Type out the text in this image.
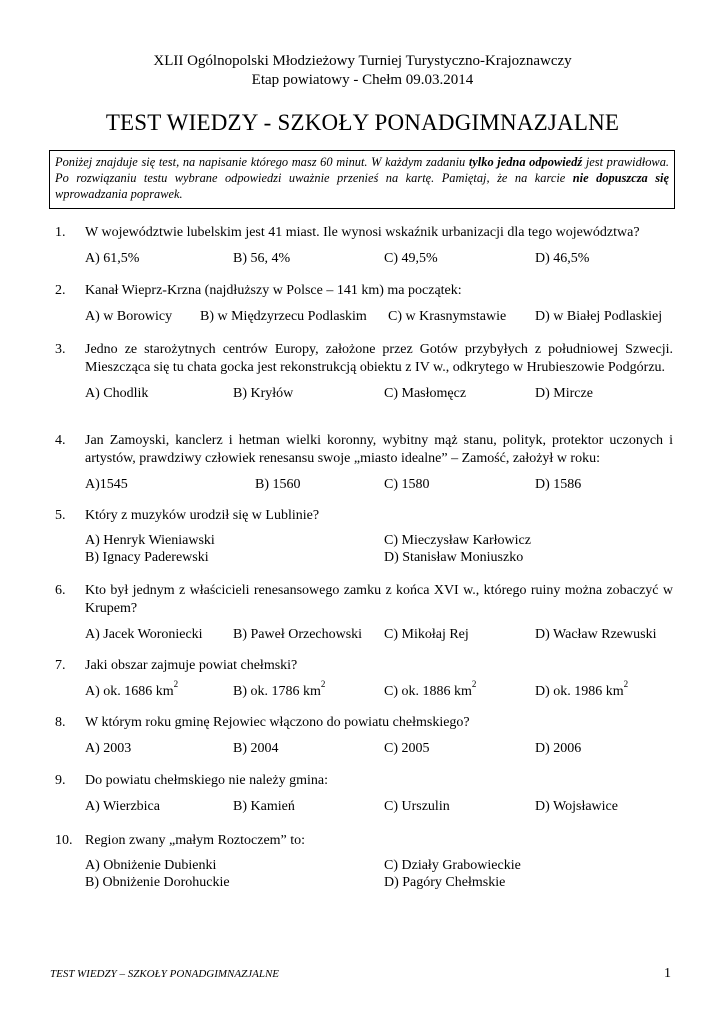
XLII Ogólnopolski Młodzieżowy Turniej Turystyczno-Krajoznawczy
Etap powiatowy - Chełm 09.03.2014
TEST WIEDZY - SZKOŁY PONADGIMNAZJALNE
Poniżej znajduje się test, na napisanie którego masz 60 minut. W każdym zadaniu tylko jedna odpowiedź jest prawidłowa. Po rozwiązaniu testu wybrane odpowiedzi uważnie przenieś na kartę. Pamiętaj, że na karcie nie dopuszcza się wprowadzania poprawek.
1.	W województwie lubelskim jest 41 miast. Ile wynosi wskaźnik urbanizacji dla tego województwa?
A) 61,5%	B) 56, 4%	C) 49,5%	D) 46,5%
2.	Kanał Wieprz-Krzna (najdłuższy w Polsce – 141 km) ma początek:
A) w Borowicy B) w Międzyrzecu Podlaskim C) w Krasnymstawie D) w Białej Podlaskiej
3.	Jedno ze starożytnych centrów Europy, założone przez Gotów przybyłych z południowej Szwecji. Mieszcząca się tu chata gocka jest rekonstrukcją obiektu z IV w., odkrytego w Hrubieszowie Podgórzu.
A) Chodlik	B) Kryłów	C) Masłomęcz	D) Mircze
4.	Jan Zamoyski, kanclerz i hetman wielki koronny, wybitny mąż stanu, polityk, protektor uczonych i artystów, prawdziwy człowiek renesansu swoje „miasto idealne” – Zamość, założył w roku:
A)1545	B) 1560	C) 1580	D) 1586
5.	Który z muzyków urodził się w Lublinie?
A) Henryk Wieniawski
B) Ignacy Paderewski
C) Mieczysław Karłowicz
D) Stanisław Moniuszko
6.	Kto był jednym z właścicieli renesansowego zamku z końca XVI w., którego ruiny można zobaczyć w Krupem?
A) Jacek Woroniecki B) Paweł Orzechowski C) Mikołaj Rej	D) Wacław Rzewuski
7.	Jaki obszar zajmuje powiat chełmski?
A) ok. 1686 $km^2$	B) ok. 1786 $km^2$	C) ok. 1886 $km^2$	D) ok. 1986 $km^2$
8.	W którym roku gminę Rejowiec włączono do powiatu chełmskiego?
A) 2003	B) 2004	C) 2005	D) 2006
9.	Do powiatu chełmskiego nie należy gmina:
A) Wierzbica	B) Kamień	C) Urszulin	D) Wojsławice
10. Region zwany „małym Roztoczem” to:
A) Obniżenie Dubienki
B) Obniżenie Dorohuckie
C) Działy Grabowieckie
D) Pagóry Chełmskie
TEST WIEDZY – SZKOŁY PONADGIMNAZJALNE	1
